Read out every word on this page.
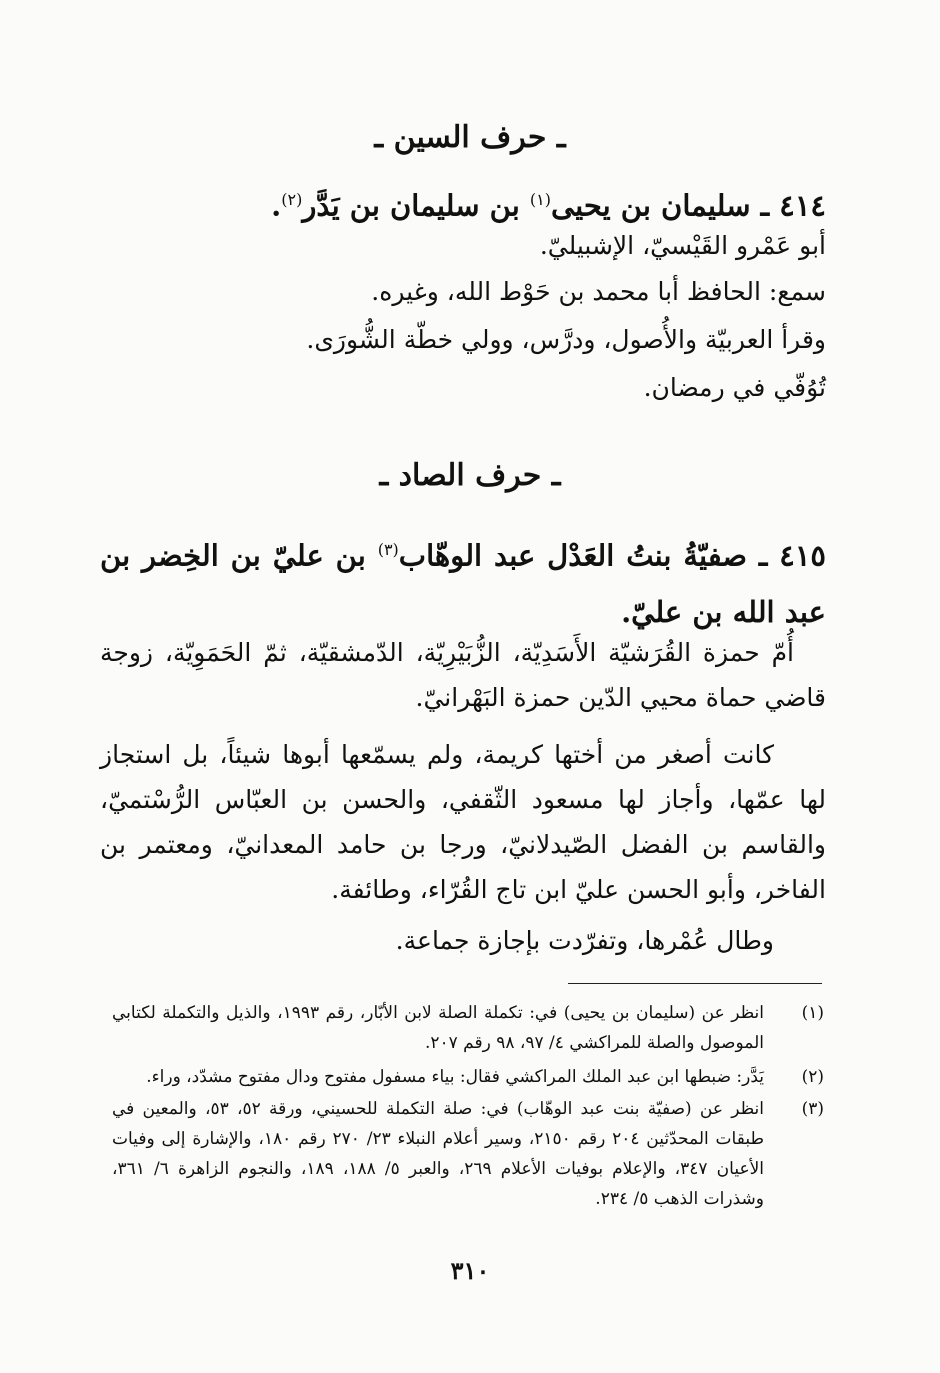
ـ حرف السين ـ
٤١٤ ـ سليمان بن يحيى$^{(١)}$ بن سليمان بن يَدَّر$^{(٢)}$.
أبو عَمْرو القَيْسيّ، الإشبيليّ.
سمع: الحافظ أبا محمد بن حَوْط الله، وغيره.
وقرأ العربيّة والأُصول، ودرَّس، وولي خطّة الشُّورَى.
تُوُفّي في رمضان.
ـ حرف الصاد ـ
٤١٥ ـ صفيّةُ بنتُ العَدْل عبد الوهّاب$^{(٣)}$ بن عليّ بن الخِضر بن عبد الله بن عليّ.
أُمّ حمزة القُرَشيّة الأَسَدِيّة، الزُّبَيْرِيّة، الدّمشقيّة، ثمّ الحَمَوِيّة، زوجة قاضي حماة محيي الدّين حمزة البَهْرانيّ.
كانت أصغر من أختها كريمة، ولم يسمّعها أبوها شيئاً، بل استجاز لها عمّها، وأجاز لها مسعود الثّقفي، والحسن بن العبّاس الرُّسْتميّ، والقاسم بن الفضل الصّيدلانيّ، ورجا بن حامد المعدانيّ، ومعتمر بن الفاخر، وأبو الحسن عليّ ابن تاج القُرّاء، وطائفة.
وطال عُمْرها، وتفرّدت بإجازة جماعة.
(١)
انظر عن (سليمان بن يحيى) في: تكملة الصلة لابن الأبّار، رقم ١٩٩٣، والذيل والتكملة لكتابي الموصول والصلة للمراكشي ٤/ ٩٧، ٩٨ رقم ٢٠٧.
(٢)
يَدَّر: ضبطها ابن عبد الملك المراكشي فقال: بياء مسفول مفتوح ودال مفتوح مشدّد، وراء.
(٣)
انظر عن (صفيّة بنت عبد الوهّاب) في: صلة التكملة للحسيني، ورقة ٥٢، ٥٣، والمعين في طبقات المحدّثين ٢٠٤ رقم ٢١٥٠، وسير أعلام النبلاء ٢٣/ ٢٧٠ رقم ١٨٠، والإشارة إلى وفيات الأعيان ٣٤٧، والإعلام بوفيات الأعلام ٢٦٩، والعبر ٥/ ١٨٨، ١٨٩، والنجوم الزاهرة ٦/ ٣٦١، وشذرات الذهب ٥/ ٢٣٤.
٣١٠
